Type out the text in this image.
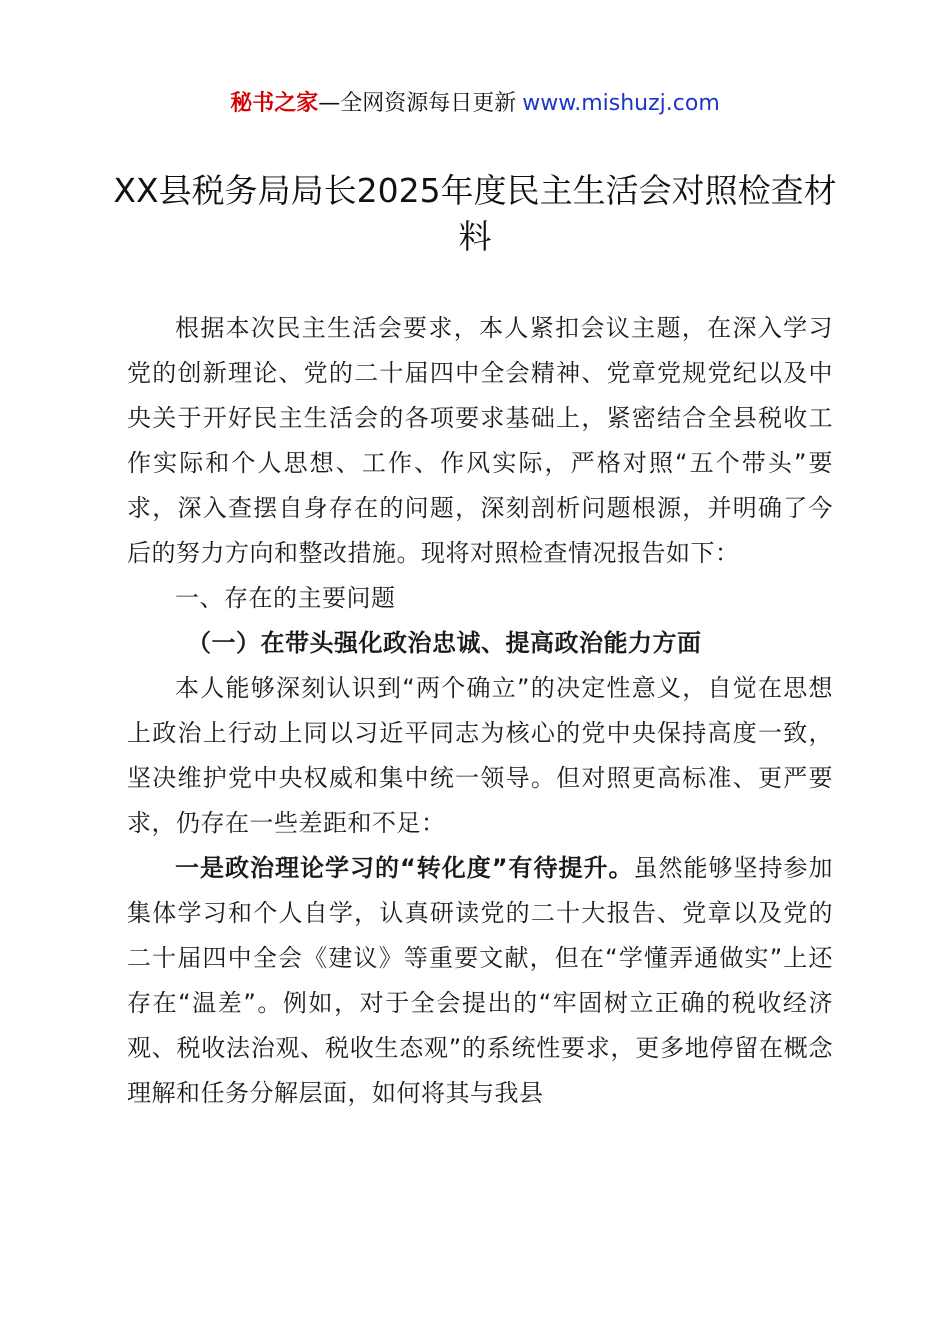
秘书之家—全网资源每日更新 www.mishuzj.com
XX县税务局局长2025年度民主生活会对照检查材料

根据本次民主生活会要求，本人紧扣会议主题，在深入学习党的创新理论、党的二十届四中全会精神、党章党规党纪以及中央关于开好民主生活会的各项要求基础上，紧密结合全县税收工作实际和个人思想、工作、作风实际，严格对照“五个带头”要求，深入查摆自身存在的问题，深刻剖析问题根源，并明确了今后的努力方向和整改措施。现将对照检查情况报告如下：

一、存在的主要问题

（一）在带头强化政治忠诚、提高政治能力方面

本人能够深刻认识到“两个确立”的决定性意义，自觉在思想上政治上行动上同以习近平同志为核心的党中央保持高度一致，坚决维护党中央权威和集中统一领导。但对照更高标准、更严要求，仍存在一些差距和不足：

一是政治理论学习的“转化度”有待提升。虽然能够坚持参加集体学习和个人自学，认真研读党的二十大报告、党章以及党的二十届四中全会《建议》等重要文献，但在“学懂弄通做实”上还存在“温差”。例如，对于全会提出的“牢固树立正确的税收经济观、税收法治观、税收生态观”的系统性要求，更多地停留在概念理解和任务分解层面，如何将其与我县
